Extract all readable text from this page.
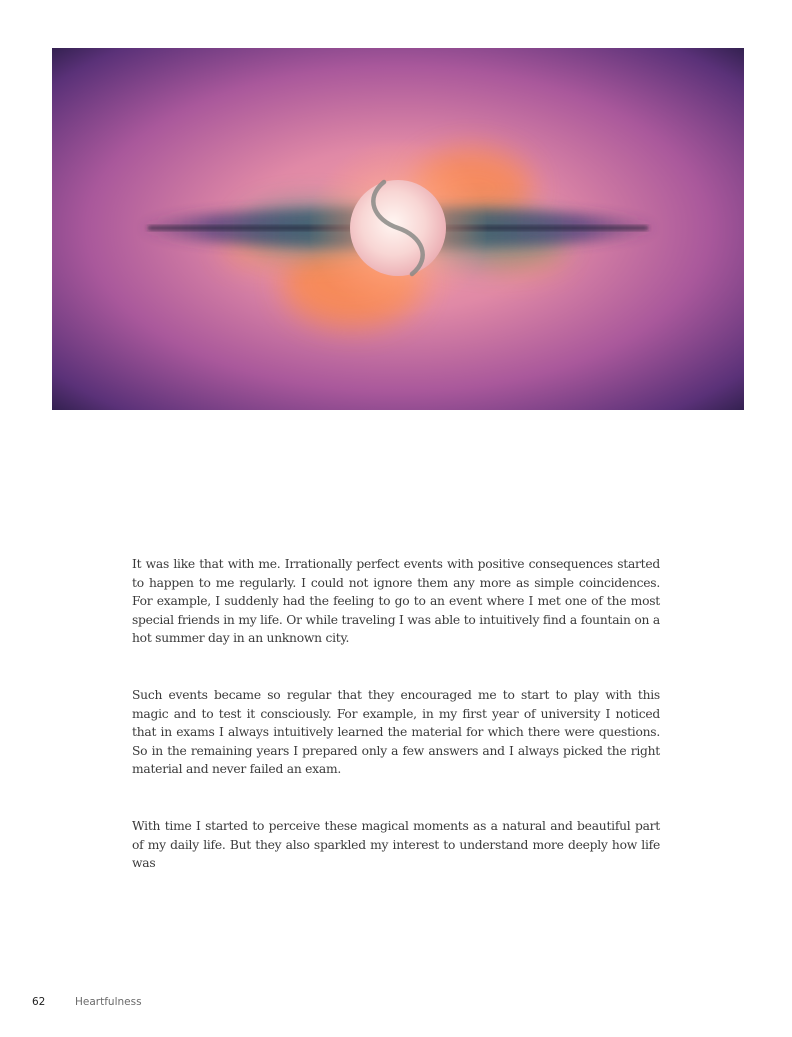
It was like that with me. Irrationally perfect events with positive consequences started to happen to me regularly. I could not ignore them any more as simple coincidences. For example, I suddenly had the feeling to go to an event where I met one of the most special friends in my life. Or while traveling I was able to intuitively find a fountain on a hot summer day in an unknown city.

Such events became so regular that they encouraged me to start to play with this magic and to test it consciously. For example, in my first year of university I noticed that in exams I always intuitively learned the material for which there were questions. So in the remaining years I prepared only a few answers and I always picked the right material and never failed an exam.

With time I started to perceive these magical moments as a natural and beautiful part of my daily life. But they also sparkled my interest to understand more deeply how life was

62	Heartfulness
